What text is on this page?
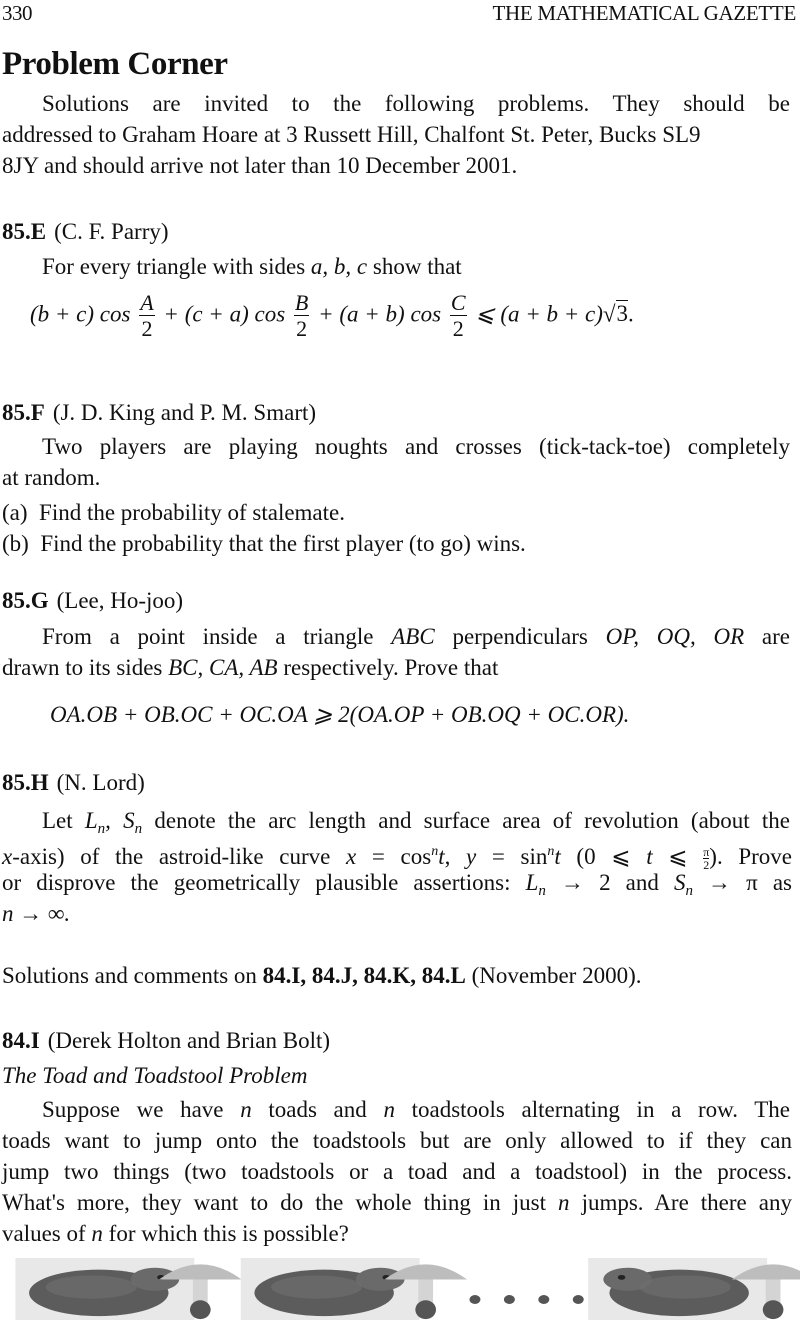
330	THE MATHEMATICAL GAZETTE
Problem Corner
Solutions are invited to the following problems. They should be
addressed to Graham Hoare at 3 Russett Hill, Chalfont St. Peter, Bucks SL9
8JY and should arrive not later than 10 December 2001.
85.E (C. F. Parry)
For every triangle with sides a, b, c show that
(b + c) $\cos \frac{A}{2} + (c + a)$ $\cos \frac{B}{2} + (a + b)$ $\cos \frac{C}{2}$ ⩽ (a + b + c)√3.
85.F (J. D. King and P. M. Smart)
Two players are playing noughts and crosses (tick-tack-toe) completely
at random.
(a) Find the probability of stalemate.
(b) Find the probability that the first player (to go) wins.
85.G (Lee, Ho-joo)
From a point inside a triangle ABC perpendiculars OP, OQ, OR are
drawn to its sides BC, CA, AB respectively. Prove that
OA.OB + OB.OC + OC.OA ⩾ 2(OA.OP + OB.OQ + OC.OR).
85.H (N. Lord)
Let $L_n$, $S_n$ denote the arc length and surface area of revolution (about the
x-axis) of the astroid-like curve $x = \cos^nt$, $y = \sin^nt$ (0 ⩽ t ⩽ $\frac{\pi}{2}$ ). Prove
or disprove the geometrically plausible assertions: $L_n \to 2$ and $S_n \to \pi$ as
n → ∞.
Solutions and comments on 84.I, 84.J, 84.K, 84.L (November 2000).
84.I (Derek Holton and Brian Bolt)
The Toad and Toadstool Problem
Suppose we have n toads and n toadstools alternating in a row. The
toads want to jump onto the toadstools but are only allowed to if they can
jump two things (two toadstools or a toad and a toadstool) in the process.
What's more, they want to do the whole thing in just n jumps. Are there any
values of n for which this is possible?
